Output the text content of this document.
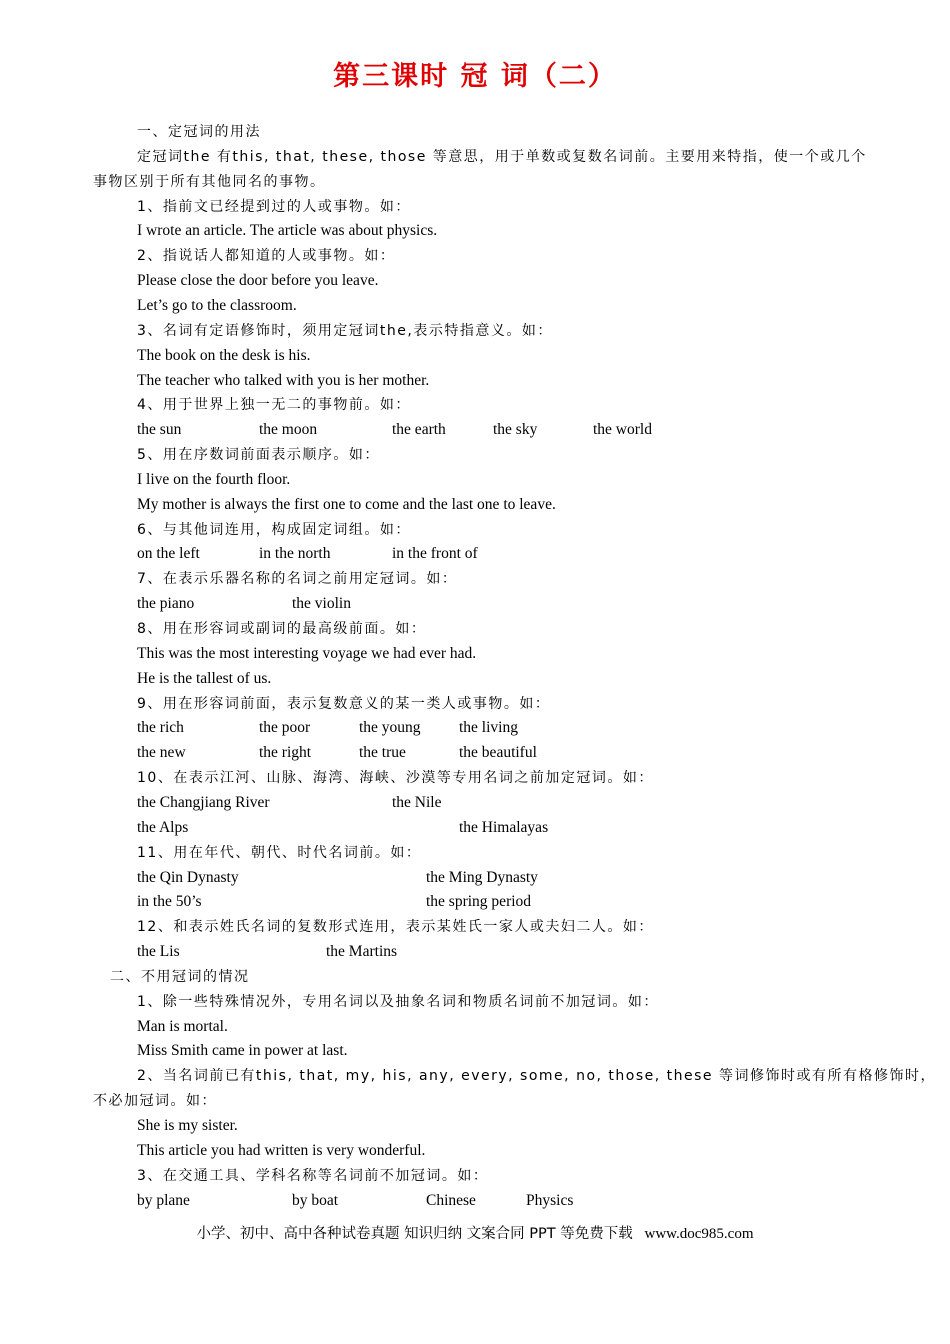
第三课时 冠 词（二）
一、定冠词的用法
定冠词the 有this, that, these, those 等意思，用于单数或复数名词前。主要用来特指，使一个或几个
事物区别于所有其他同名的事物。
1、指前文已经提到过的人或事物。如：
I wrote an article. The article was about physics.
2、指说话人都知道的人或事物。如：
Please close the door before you leave.
Let’s go to the classroom.
3、名词有定语修饰时，须用定冠词the,表示特指意义。如：
The book on the desk is his.
The teacher who talked with you is her mother.
4、用于世界上独一无二的事物前。如：
the sun	the moon	the earth	the sky	the world
5、用在序数词前面表示顺序。如：
I live on the fourth floor.
My mother is always the first one to come and the last one to leave.
6、与其他词连用，构成固定词组。如：
on the left	in the north	in the front of
7、在表示乐器名称的名词之前用定冠词。如：
the piano	the violin
8、用在形容词或副词的最高级前面。如：
This was the most interesting voyage we had ever had.
He is the tallest of us.
9、用在形容词前面，表示复数意义的某一类人或事物。如：
the rich	the poor	the young the living
the new	the right	the true	the beautiful
10、在表示江河、山脉、海湾、海峡、沙漠等专用名词之前加定冠词。如：
the Changjiang River	the Nile
the Alps	the Himalayas
11、用在年代、朝代、时代名词前。如：
the Qin Dynasty	the Ming Dynasty
in the 50’s	the spring period
12、和表示姓氏名词的复数形式连用，表示某姓氏一家人或夫妇二人。如：
the Lis	the Martins
二、不用冠词的情况
1、除一些特殊情况外，专用名词以及抽象名词和物质名词前不加冠词。如：
Man is mortal.
Miss Smith came in power at last.
2、当名词前已有this, that, my, his, any, every, some, no, those, these 等词修饰时或有所有格修饰时，
不必加冠词。如：
She is my sister.
This article you had written is very wonderful.
3、在交通工具、学科名称等名词前不加冠词。如：
by plane	by boat	Chinese	Physics
小学、初中、高中各种试卷真题 知识归纳 文案合同 PPT 等免费下载 www.doc985.com
